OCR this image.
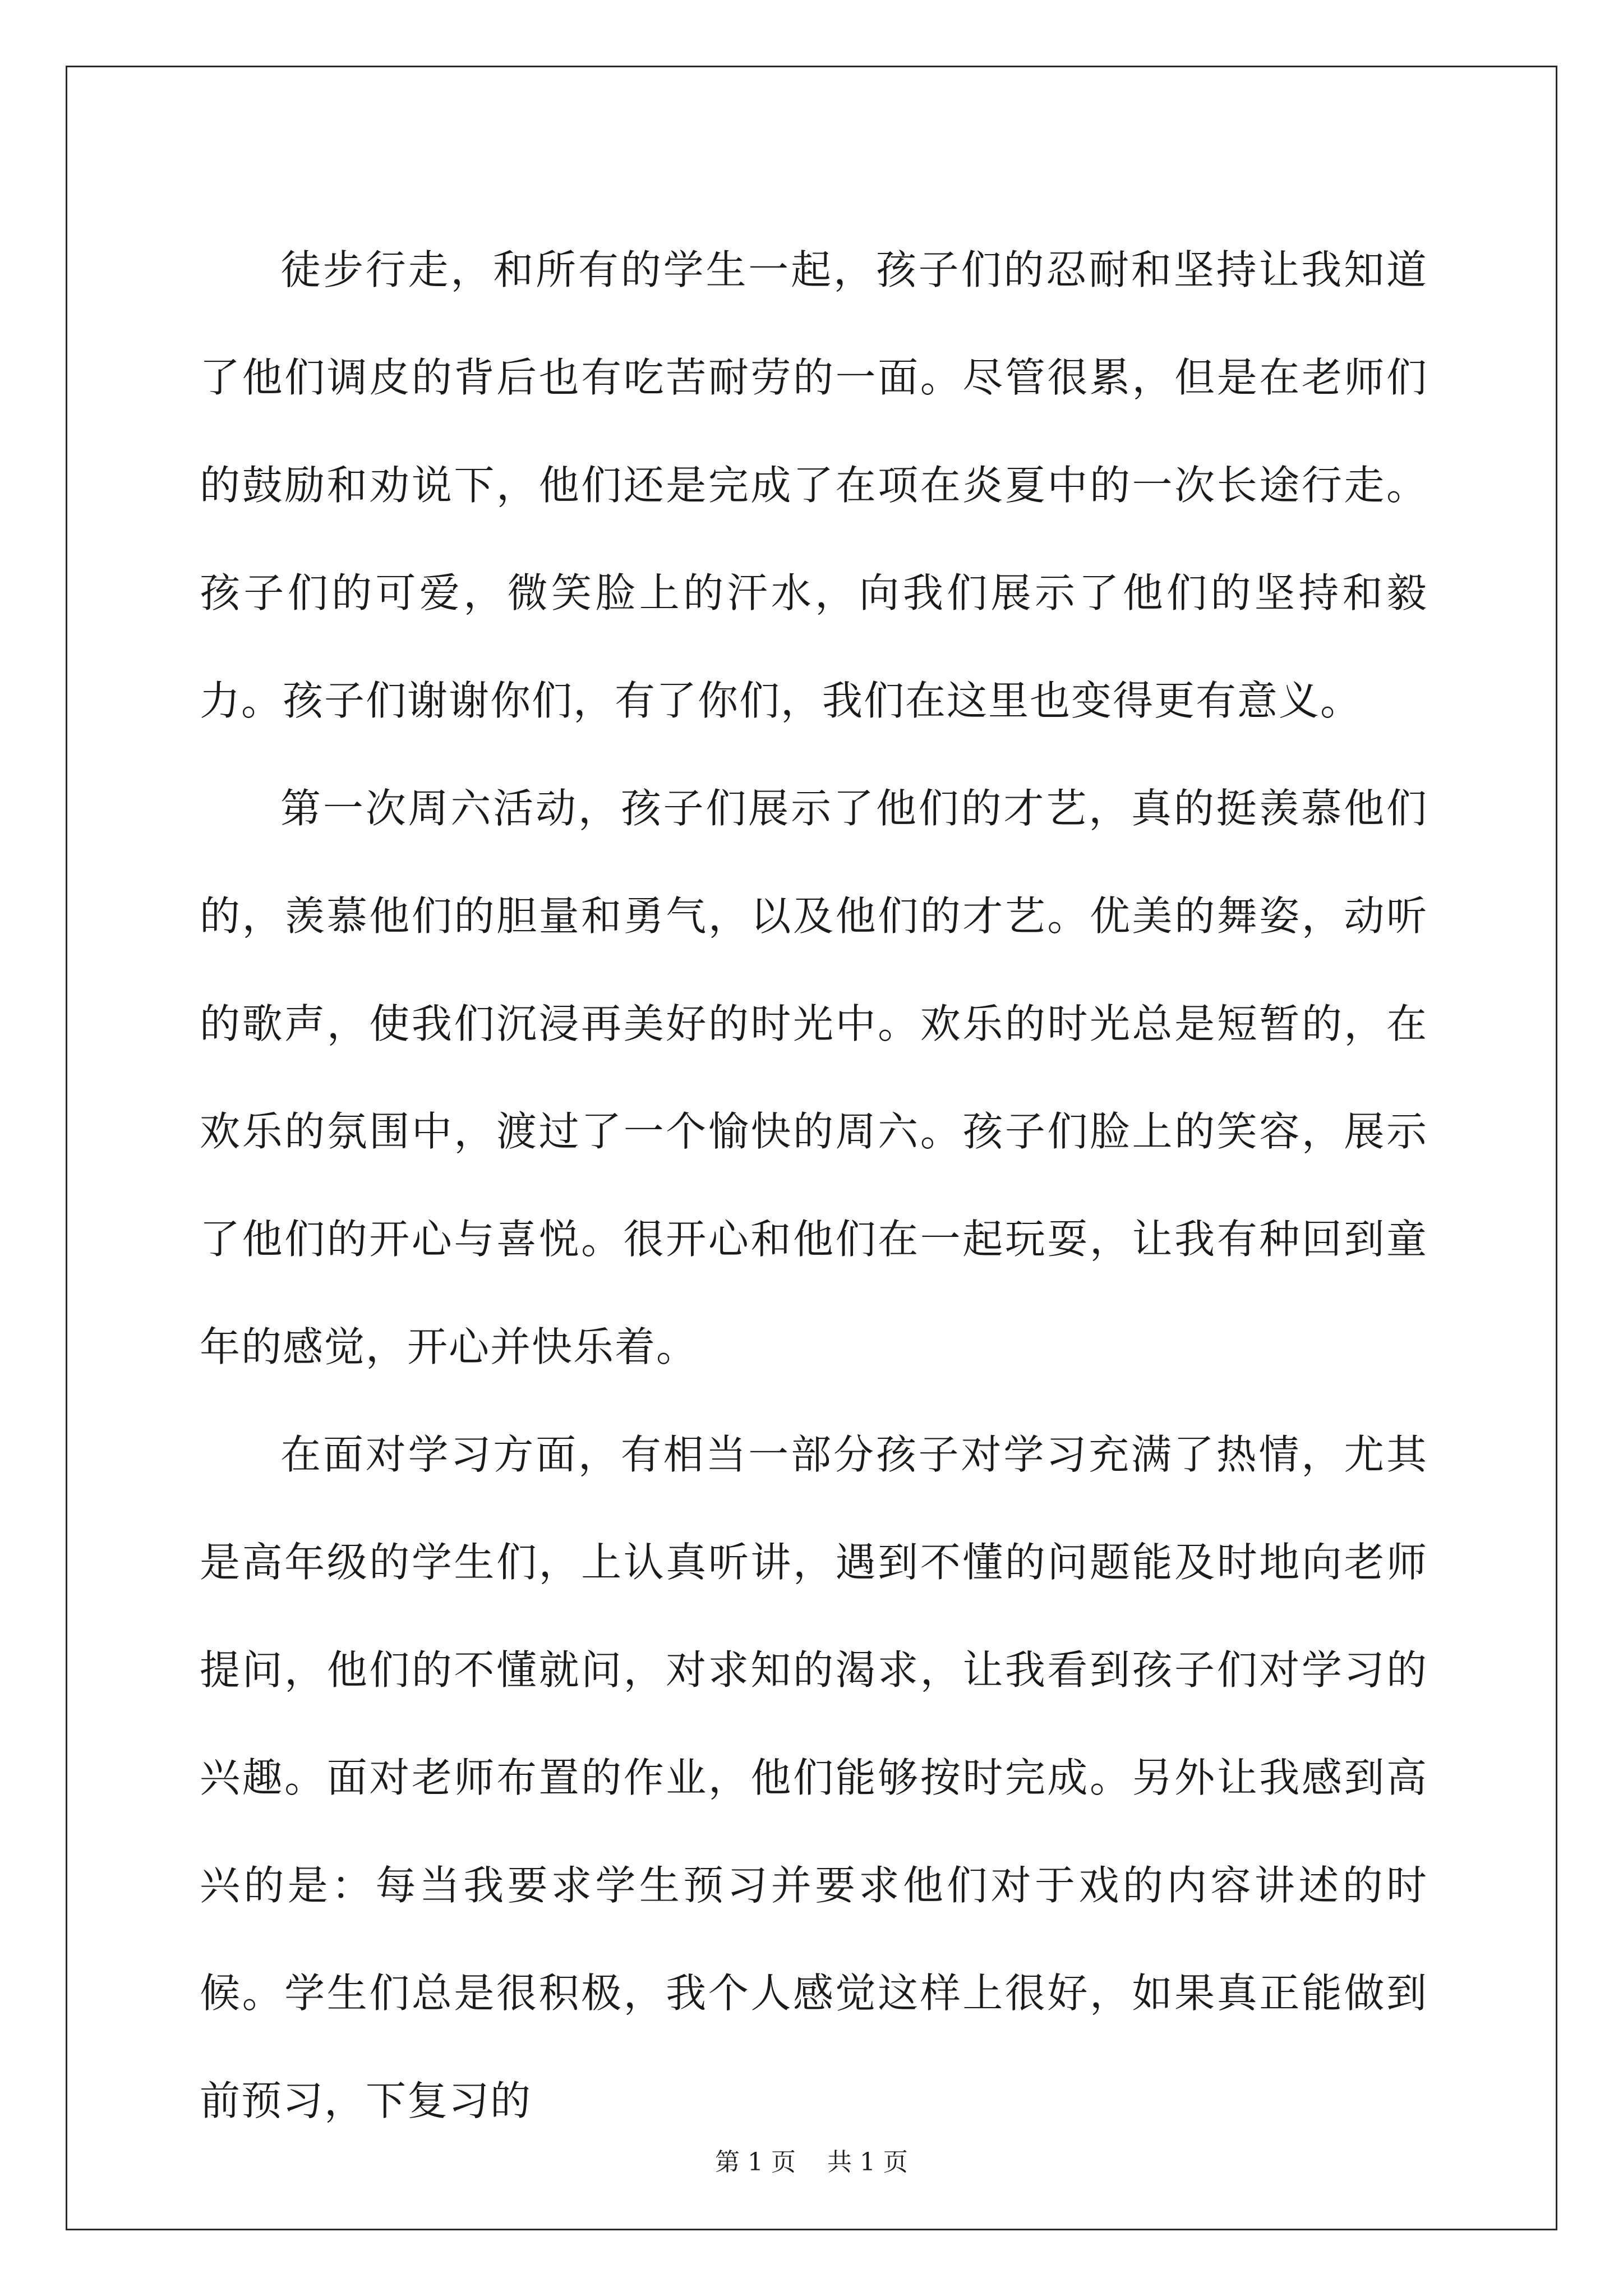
徒步行走，和所有的学生一起，孩子们的忍耐和坚持让我知道了他们调皮的背后也有吃苦耐劳的一面。尽管很累，但是在老师们的鼓励和劝说下，他们还是完成了在项在炎夏中的一次长途行走。孩子们的可爱，微笑脸上的汗水，向我们展示了他们的坚持和毅力。孩子们谢谢你们，有了你们，我们在这里也变得更有意义。

第一次周六活动，孩子们展示了他们的才艺，真的挺羡慕他们的，羡慕他们的胆量和勇气，以及他们的才艺。优美的舞姿，动听的歌声，使我们沉浸再美好的时光中。欢乐的时光总是短暂的，在欢乐的氛围中，渡过了一个愉快的周六。孩子们脸上的笑容，展示了他们的开心与喜悦。很开心和他们在一起玩耍，让我有种回到童年的感觉，开心并快乐着。

在面对学习方面，有相当一部分孩子对学习充满了热情，尤其是高年级的学生们，上认真听讲，遇到不懂的问题能及时地向老师提问，他们的不懂就问，对求知的渴求，让我看到孩子们对学习的兴趣。面对老师布置的作业，他们能够按时完成。另外让我感到高兴的是：每当我要求学生预习并要求他们对于戏的内容讲述的时候。学生们总是很积极，我个人感觉这样上很好，如果真正能做到前预习，下复习的

第 1 页    共 1 页
